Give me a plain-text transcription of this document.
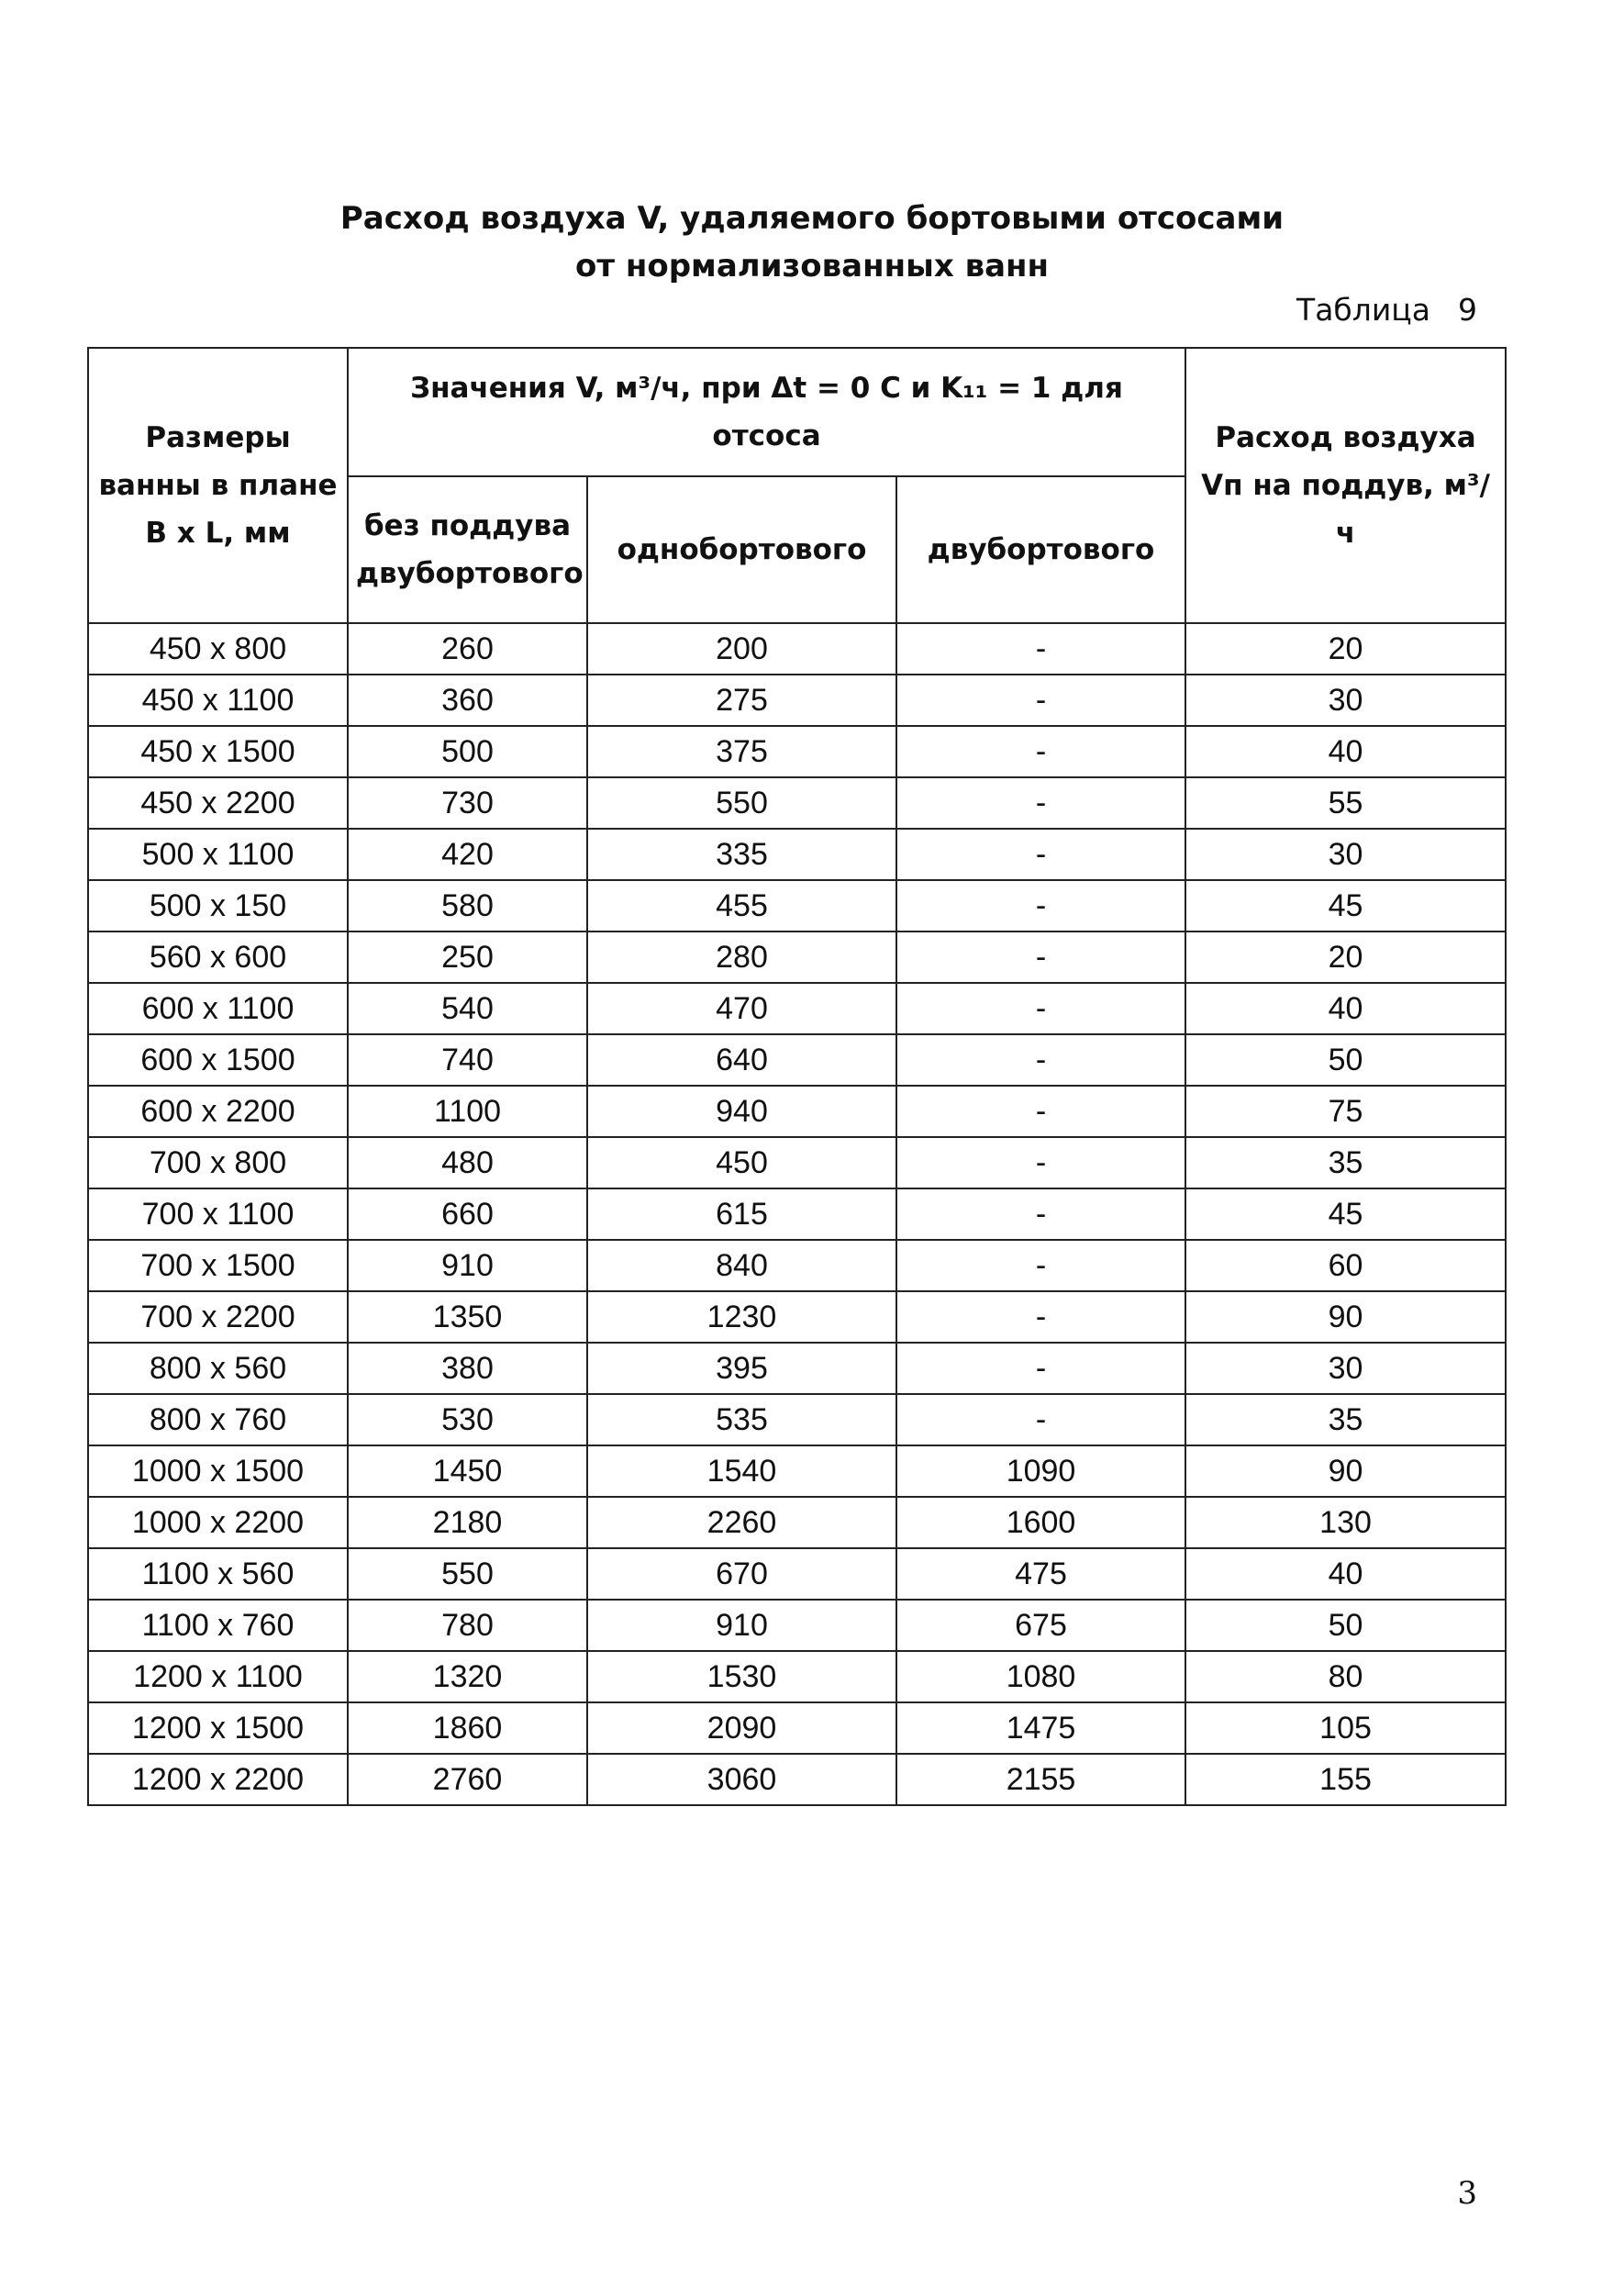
Расход воздуха V, удаляемого бортовыми отсосами
от нормализованных ванн
Таблица 9
Размеры ванны в плане B x L, мм	Значения V, м³/ч, при Δt = 0 С и K₁₁ = 1 для отсоса			Расход воздуха Vп на поддув, м³/ч
	без поддува двубортового	однобортового	двубортового	
450 x 800	260	200	-	20
450 x 1100	360	275	-	30
450 x 1500	500	375	-	40
450 x 2200	730	550	-	55
500 x 1100	420	335	-	30
500 x 150	580	455	-	45
560 x 600	250	280	-	20
600 x 1100	540	470	-	40
600 x 1500	740	640	-	50
600 x 2200	1100	940	-	75
700 x 800	480	450	-	35
700 x 1100	660	615	-	45
700 x 1500	910	840	-	60
700 x 2200	1350	1230	-	90
800 x 560	380	395	-	30
800 x 760	530	535	-	35
1000 x 1500	1450	1540	1090	90
1000 x 2200	2180	2260	1600	130
1100 x 560	550	670	475	40
1100 x 760	780	910	675	50
1200 x 1100	1320	1530	1080	80
1200 x 1500	1860	2090	1475	105
1200 x 2200	2760	3060	2155	155
3
